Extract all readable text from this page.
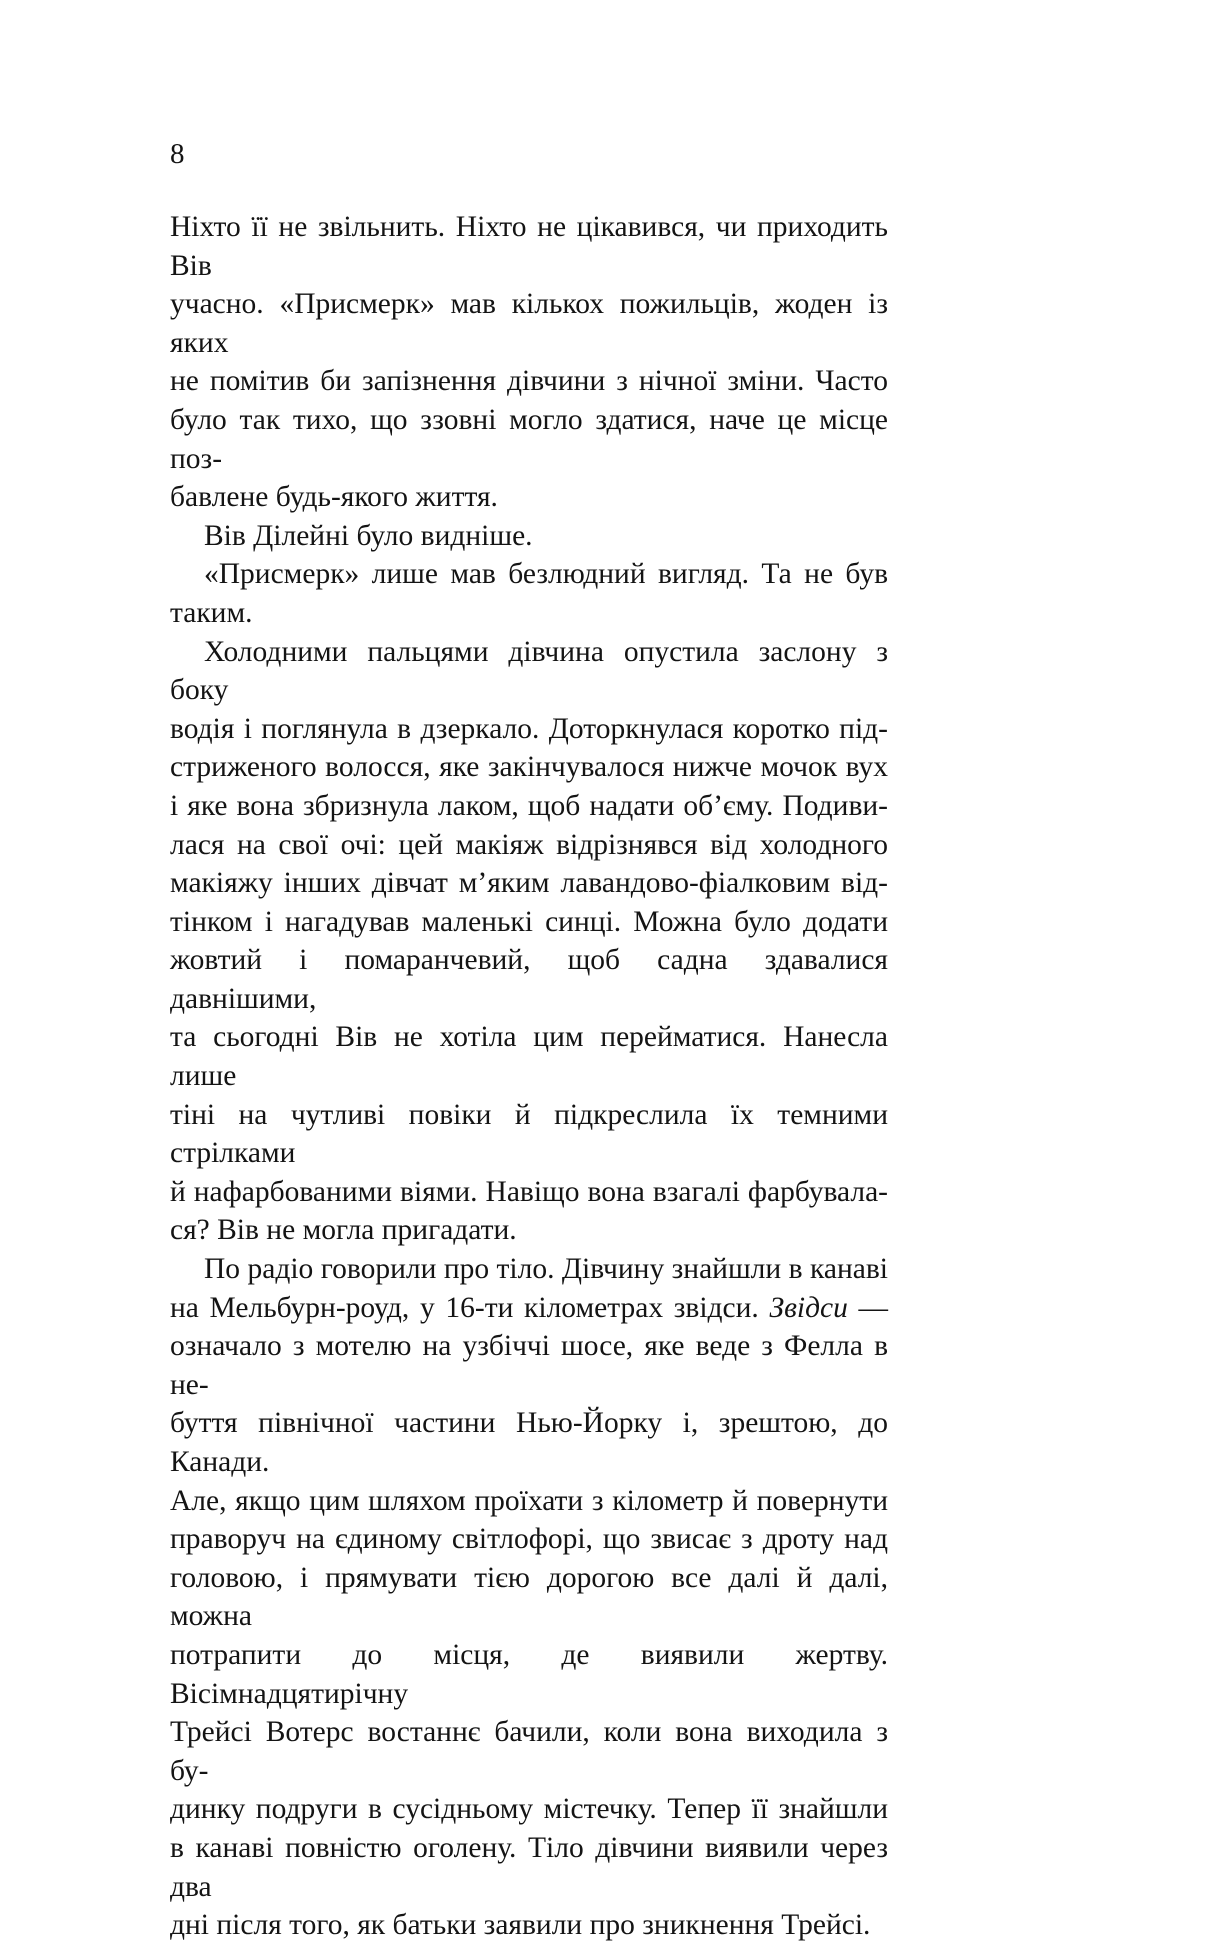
8
Ніхто її не звільнить. Ніхто не цікавився, чи приходить Вів
учасно. «Присмерк» мав кількох пожильців, жоден із яких
не помітив би запізнення дівчини з нічної зміни. Часто
було так тихо, що ззовні могло здатися, наче це місце поз-
бавлене будь-якого життя.
Вів Ділейні було видніше.
«Присмерк» лише мав безлюдний вигляд. Та не був таким.
Холодними пальцями дівчина опустила заслону з боку
водія і поглянула в дзеркало. Доторкнулася коротко під-
стриженого волосся, яке закінчувалося нижче мочок вух
і яке вона збризнула лаком, щоб надати об’єму. Подиви-
лася на свої очі: цей макіяж відрізнявся від холодного
макіяжу інших дівчат м’яким лавандово-фіалковим від-
тінком і нагадував маленькі синці. Можна було додати
жовтий і помаранчевий, щоб садна здавалися давнішими,
та сьогодні Вів не хотіла цим перейматися. Нанесла лише
тіні на чутливі повіки й підкреслила їх темними стрілками
й нафарбованими віями. Навіщо вона взагалі фарбувала-
ся? Вів не могла пригадати.
По радіо говорили про тіло. Дівчину знайшли в канаві
на Мельбурн-роуд, у 16-ти кілометрах звідси. Звідси —
означало з мотелю на узбіччі шосе, яке веде з Фелла в не-
буття північної частини Нью-Йорку і, зрештою, до Канади.
Але, якщо цим шляхом проїхати з кілометр й повернути
праворуч на єдиному світлофорі, що звисає з дроту над
головою, і прямувати тією дорогою все далі й далі, можна
потрапити до місця, де виявили жертву. Вісімнадцятирічну
Трейсі Вотерс востаннє бачили, коли вона виходила з бу-
динку подруги в сусідньому містечку. Тепер її знайшли
в канаві повністю оголену. Тіло дівчини виявили через два
дні після того, як батьки заявили про зникнення Трейсі.
